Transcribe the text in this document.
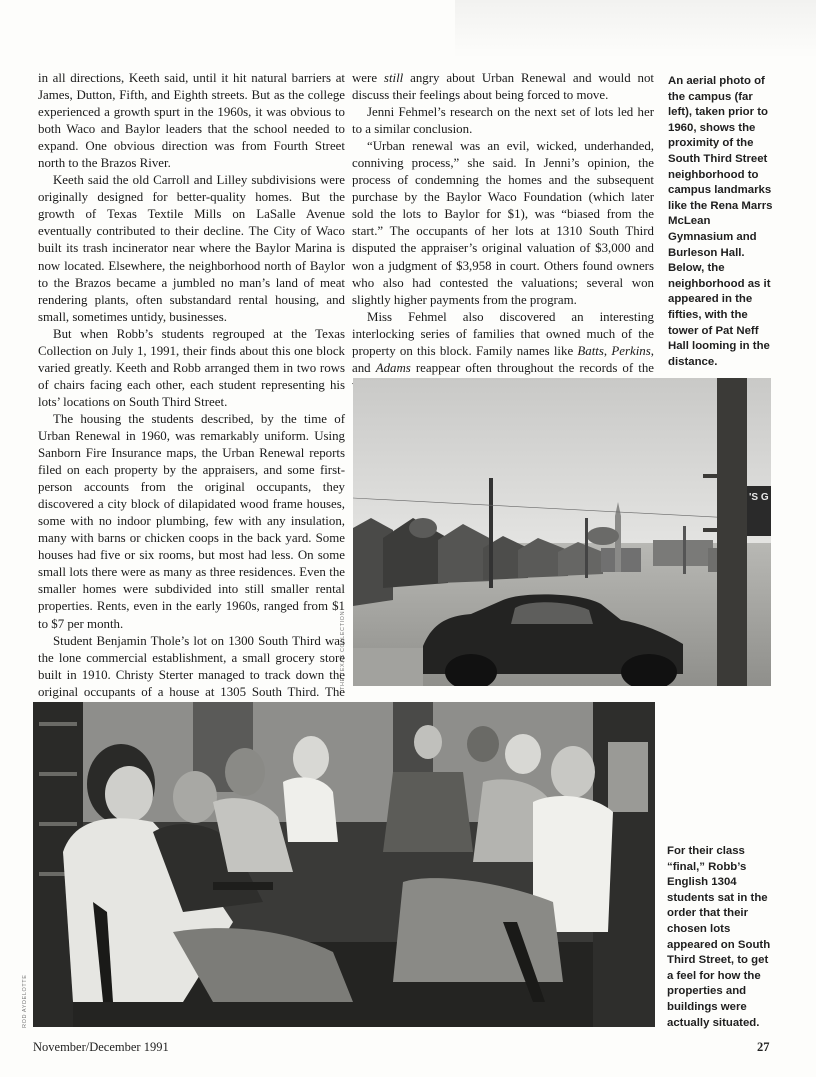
in all directions, Keeth said, until it hit natural barriers at James, Dutton, Fifth, and Eighth streets. But as the college experienced a growth spurt in the 1960s, it was obvious to both Waco and Baylor leaders that the school needed to expand. One obvious direction was from Fourth Street north to the Brazos River.

Keeth said the old Carroll and Lilley subdivisions were originally designed for better-quality homes. But the growth of Texas Textile Mills on LaSalle Avenue eventually contributed to their decline. The City of Waco built its trash incinerator near where the Baylor Marina is now located. Elsewhere, the neighborhood north of Baylor to the Brazos became a jumbled no man’s land of meat rendering plants, often substandard rental housing, and small, sometimes untidy, businesses.

But when Robb’s students regrouped at the Texas Collection on July 1, 1991, their finds about this one block varied greatly. Keeth and Robb arranged them in two rows of chairs facing each other, each student representing his lots’ locations on South Third Street.

The housing the students described, by the time of Urban Renewal in 1960, was remarkably uniform. Using Sanborn Fire Insurance maps, the Urban Renewal reports filed on each property by the appraisers, and some first-person accounts from the original occupants, they discovered a city block of dilapidated wood frame houses, some with no indoor plumbing, few with any insulation, many with barns or chicken coops in the back yard. Some houses had five or six rooms, but most had less. On some small lots there were as many as three residences. Even the smaller homes were subdivided into still smaller rental properties. Rents, even in the early 1960s, ranged from $1 to $7 per month.

Student Benjamin Thole’s lot on 1300 South Third was the lone commercial establishment, a small grocery store built in 1910. Christy Sterter managed to track down the original occupants of a house at 1305 South Third. The

were still angry about Urban Renewal and would not discuss their feelings about being forced to move.

Jenni Fehmel’s research on the next set of lots led her to a similar conclusion.

“Urban renewal was an evil, wicked, underhanded, conniving process,” she said. In Jenni’s opinion, the process of condemning the homes and the subsequent purchase by the Baylor Waco Foundation (which later sold the lots to Baylor for $1), was “biased from the start.” The occupants of her lots at 1310 South Third disputed the appraiser’s original valuation of $3,000 and won a judgment of $3,958 in court. Others found owners who also had contested the valuations; several won slightly higher payments from the program.

Miss Fehmel also discovered an interesting interlocking series of families that owned much of the property on this block. Family names like Batts, Perkins, and Adams reappear often throughout the records of the

An aerial photo of the campus (far left), taken prior to 1960, shows the proximity of the South Third Street neighborhood to campus landmarks like the Rena Marrs McLean Gymnasium and Burleson Hall. Below, the neighborhood as it appeared in the fifties, with the tower of Pat Neff Hall looming in the distance.
'S G
THE TEXAS COLLECTION
ROD AYDELOTTE
For their class “final,” Robb’s English 1304 students sat in the order that their chosen lots appeared on South Third Street, to get a feel for how the properties and buildings were actually situated.
November/December 1991	27
